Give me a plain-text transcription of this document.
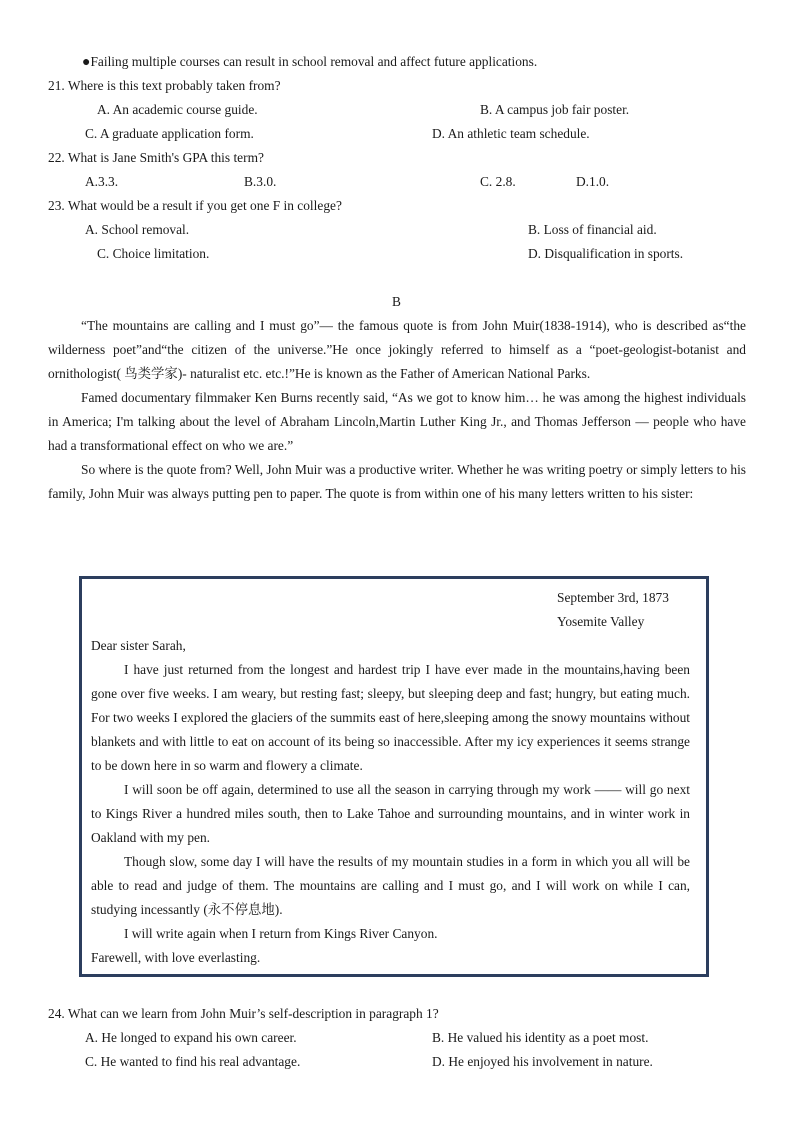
●Failing multiple courses can result in school removal and affect future applications.
21. Where is this text probably taken from?
A. An academic course guide.	B. A campus job fair poster.
C. A graduate application form.	D. An athletic team schedule.
22. What is Jane Smith's GPA this term?
A.3.3.	B.3.0.	C. 2.8.	D.1.0.
23. What would be a result if you get one F in college?
A. School removal.	B. Loss of financial aid.
C. Choice limitation.	D. Disqualification in sports.
B

“The mountains are calling and I must go”— the famous quote is from John Muir(1838-1914), who is described as“the wilderness poet”and“the citizen of the universe.”He once jokingly referred to himself as a “poet-geologist-botanist and ornithologist( 鸟类学家)- naturalist etc. etc.!”He is known as the Father of American National Parks.

Famed documentary filmmaker Ken Burns recently said, “As we got to know him… he was among the highest individuals in America; I'm talking about the level of Abraham Lincoln,Martin Luther King Jr., and Thomas Jefferson — people who have had a transformational effect on who we are.”

So where is the quote from? Well, John Muir was a productive writer. Whether he was writing poetry or simply letters to his family, John Muir was always putting pen to paper. The quote is from within one of his many letters written to his sister:

September 3rd, 1873
Yosemite Valley
Dear sister Sarah,

I have just returned from the longest and hardest trip I have ever made in the mountains,having been gone over five weeks. I am weary, but resting fast; sleepy, but sleeping deep and fast; hungry, but eating much. For two weeks I explored the glaciers of the summits east of here,sleeping among the snowy mountains without blankets and with little to eat on account of its being so inaccessible. After my icy experiences it seems strange to be down here in so warm and flowery a climate.

I will soon be off again, determined to use all the season in carrying through my work —— will go next to Kings River a hundred miles south, then to Lake Tahoe and surrounding mountains, and in winter work in Oakland with my pen.

Though slow, some day I will have the results of my mountain studies in a form in which you all will be able to read and judge of them. The mountains are calling and I must go, and I will work on while I can, studying incessantly (永不停息地).

I will write again when I return from Kings River Canyon.

Farewell, with love everlasting.
24. What can we learn from John Muir’s self-description in paragraph 1?
A. He longed to expand his own career.	B. He valued his identity as a poet most.
C. He wanted to find his real advantage.	D. He enjoyed his involvement in nature.
